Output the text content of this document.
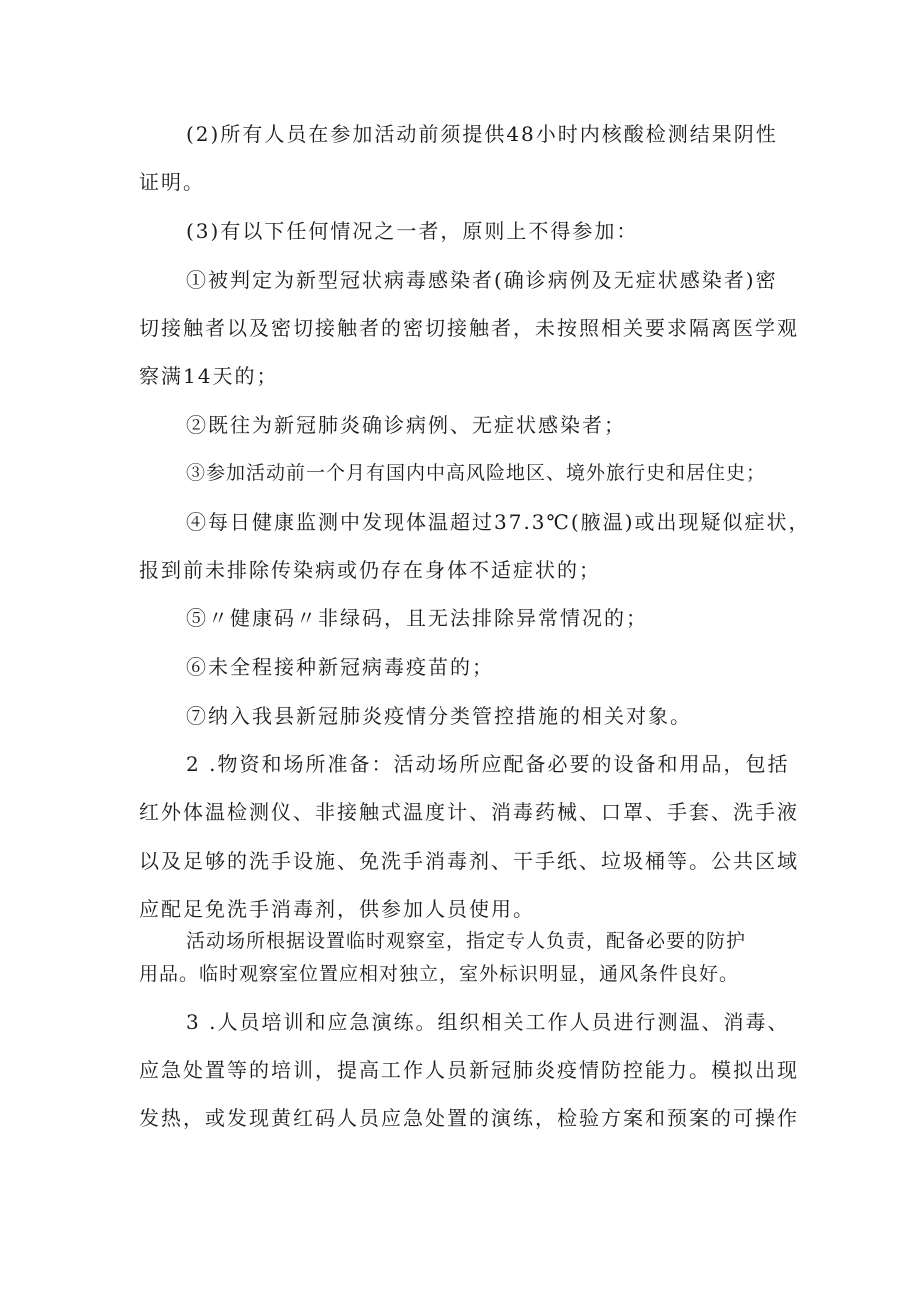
(2)所有人员在参加活动前须提供48小时内核酸检测结果阴性
证明。
(3)有以下任何情况之一者，原则上不得参加：
①被判定为新型冠状病毒感染者(确诊病例及无症状感染者)密
切接触者以及密切接触者的密切接触者，未按照相关要求隔离医学观
察满14天的；
②既往为新冠肺炎确诊病例、无症状感染者；
③参加活动前一个月有国内中高风险地区、境外旅行史和居住史；
④每日健康监测中发现体温超过37.3℃(腋温)或出现疑似症状，
报到前未排除传染病或仍存在身体不适症状的；
⑤〃健康码〃非绿码，且无法排除异常情况的；
⑥未全程接种新冠病毒疫苗的；
⑦纳入我县新冠肺炎疫情分类管控措施的相关对象。
2 .物资和场所准备：活动场所应配备必要的设备和用品，包括
红外体温检测仪、非接触式温度计、消毒药械、口罩、手套、洗手液
以及足够的洗手设施、免洗手消毒剂、干手纸、垃圾桶等。公共区域
应配足免洗手消毒剂，供参加人员使用。
活动场所根据设置临时观察室，指定专人负责，配备必要的防护
用品。临时观察室位置应相对独立，室外标识明显，通风条件良好。
3 .人员培训和应急演练。组织相关工作人员进行测温、消毒、
应急处置等的培训，提高工作人员新冠肺炎疫情防控能力。模拟出现
发热，或发现黄红码人员应急处置的演练，检验方案和预案的可操作
